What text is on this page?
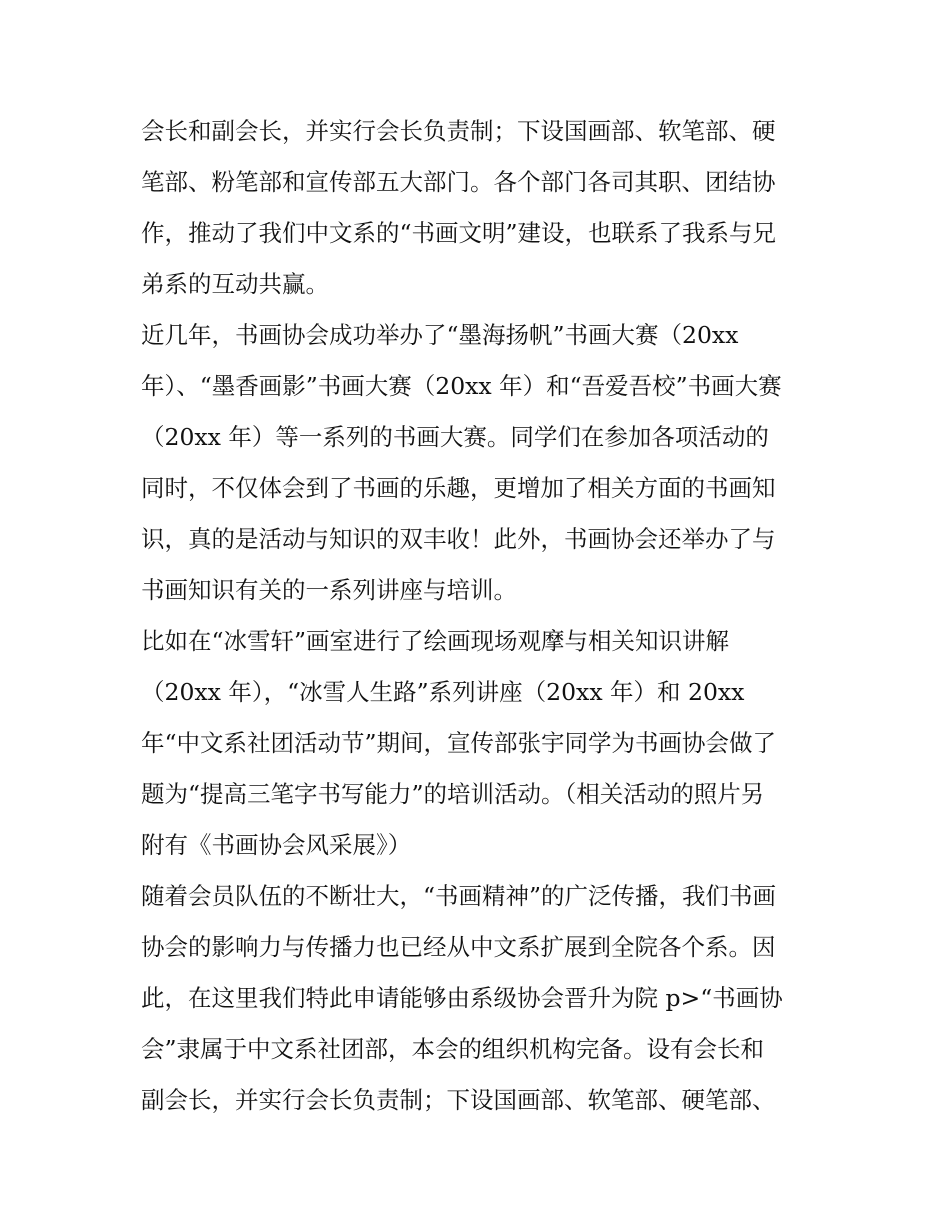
会长和副会长，并实行会长负责制；下设国画部、软笔部、硬
笔部、粉笔部和宣传部五大部门。各个部门各司其职、团结协
作，推动了我们中文系的“书画文明”建设，也联系了我系与兄
弟系的互动共赢。
近几年，书画协会成功举办了“墨海扬帆”书画大赛（20xx
年）、“墨香画影”书画大赛（20xx 年）和“吾爱吾校”书画大赛
（20xx 年）等一系列的书画大赛。同学们在参加各项活动的
同时，不仅体会到了书画的乐趣，更增加了相关方面的书画知
识，真的是活动与知识的双丰收！此外，书画协会还举办了与
书画知识有关的一系列讲座与培训。
比如在“冰雪轩”画室进行了绘画现场观摩与相关知识讲解
（20xx 年），“冰雪人生路”系列讲座（20xx 年）和 20xx
年“中文系社团活动节”期间，宣传部张宇同学为书画协会做了
题为“提高三笔字书写能力”的培训活动。（相关活动的照片另
附有《书画协会风采展》）
随着会员队伍的不断壮大，“书画精神”的广泛传播，我们书画
协会的影响力与传播力也已经从中文系扩展到全院各个系。因
此，在这里我们特此申请能够由系级协会晋升为院 p>“书画协
会”隶属于中文系社团部，本会的组织机构完备。设有会长和
副会长，并实行会长负责制；下设国画部、软笔部、硬笔部、
